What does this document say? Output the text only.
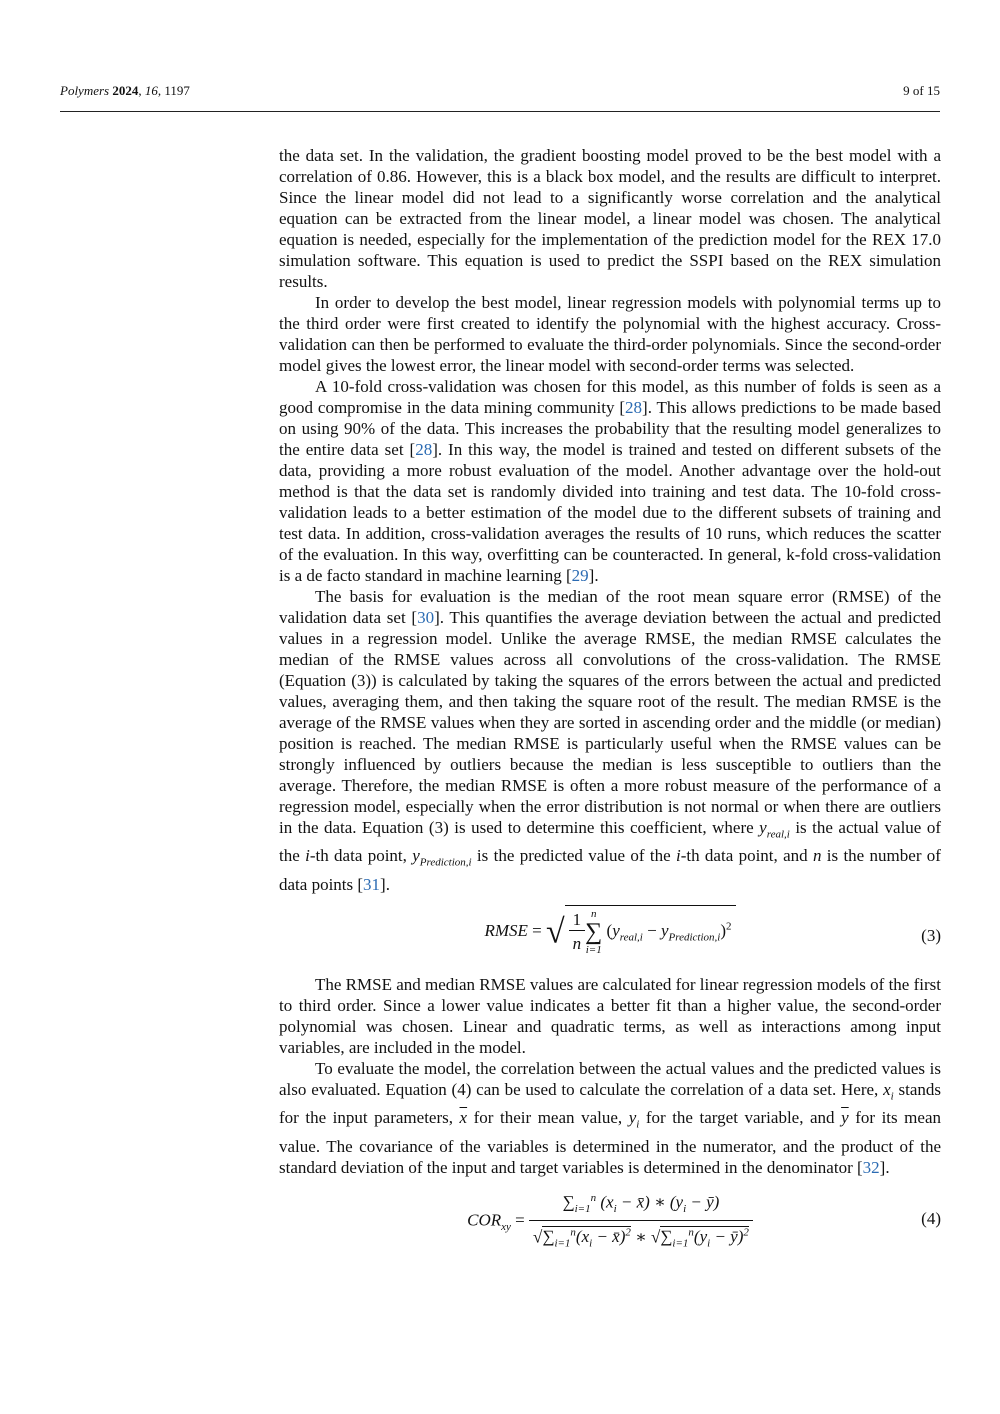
Polymers 2024, 16, 1197	9 of 15

the data set. In the validation, the gradient boosting model proved to be the best model with a correlation of 0.86. However, this is a black box model, and the results are difficult to interpret. Since the linear model did not lead to a significantly worse correlation and the analytical equation can be extracted from the linear model, a linear model was chosen. The analytical equation is needed, especially for the implementation of the prediction model for the REX 17.0 simulation software. This equation is used to predict the SSPI based on the REX simulation results.

In order to develop the best model, linear regression models with polynomial terms up to the third order were first created to identify the polynomial with the highest accuracy. Cross-validation can then be performed to evaluate the third-order polynomials. Since the second-order model gives the lowest error, the linear model with second-order terms was selected.

A 10-fold cross-validation was chosen for this model, as this number of folds is seen as a good compromise in the data mining community [28]. This allows predictions to be made based on using 90% of the data. This increases the probability that the resulting model generalizes to the entire data set [28]. In this way, the model is trained and tested on different subsets of the data, providing a more robust evaluation of the model. Another advantage over the hold-out method is that the data set is randomly divided into training and test data. The 10-fold cross-validation leads to a better estimation of the model due to the different subsets of training and test data. In addition, cross-validation averages the results of 10 runs, which reduces the scatter of the evaluation. In this way, overfitting can be counteracted. In general, k-fold cross-validation is a de facto standard in machine learning [29].

The basis for evaluation is the median of the root mean square error (RMSE) of the validation data set [30]. This quantifies the average deviation between the actual and predicted values in a regression model. Unlike the average RMSE, the median RMSE calculates the median of the RMSE values across all convolutions of the cross-validation. The RMSE (Equation (3)) is calculated by taking the squares of the errors between the actual and predicted values, averaging them, and then taking the square root of the result. The median RMSE is the average of the RMSE values when they are sorted in ascending order and the middle (or median) position is reached. The median RMSE is particularly useful when the RMSE values can be strongly influenced by outliers because the median is less susceptible to outliers than the average. Therefore, the median RMSE is often a more robust measure of the performance of a regression model, especially when the error distribution is not normal or when there are outliers in the data. Equation (3) is used to determine this coefficient, where $y_{real,i}$ is the actual value of the i-th data point, $y_{Prediction,i}$ is the predicted value of the i-th data point, and n is the number of data points [31].

RMSE = √ $\frac{1}{n}$ n
∑
i=1
$(y_{real,i} - y_{Prediction,i})^2$	(3)

The RMSE and median RMSE values are calculated for linear regression models of the first to third order. Since a lower value indicates a better fit than a higher value, the second-order polynomial was chosen. Linear and quadratic terms, as well as interactions among input variables, are included in the model.

To evaluate the model, the correlation between the actual values and the predicted values is also evaluated. Equation (4) can be used to calculate the correlation of a data set. Here, $x_i$ stands for the input parameters, $\overline{x}$ for their mean value, $y_i$ for the target variable, and $\overline{y}$ for its mean value. The covariance of the variables is determined in the numerator, and the product of the standard deviation of the input and target variables is determined in the denominator [32].

$COR_{xy} = \frac{\sum_{i=1}^n (x_i - x̄) ∗ (y_i - ȳ)}{√\sum_{i=1}^n(x_i - x̄)^2 ∗ √\sum_{i=1}^n(y_i - ȳ)^2}$	(4)
